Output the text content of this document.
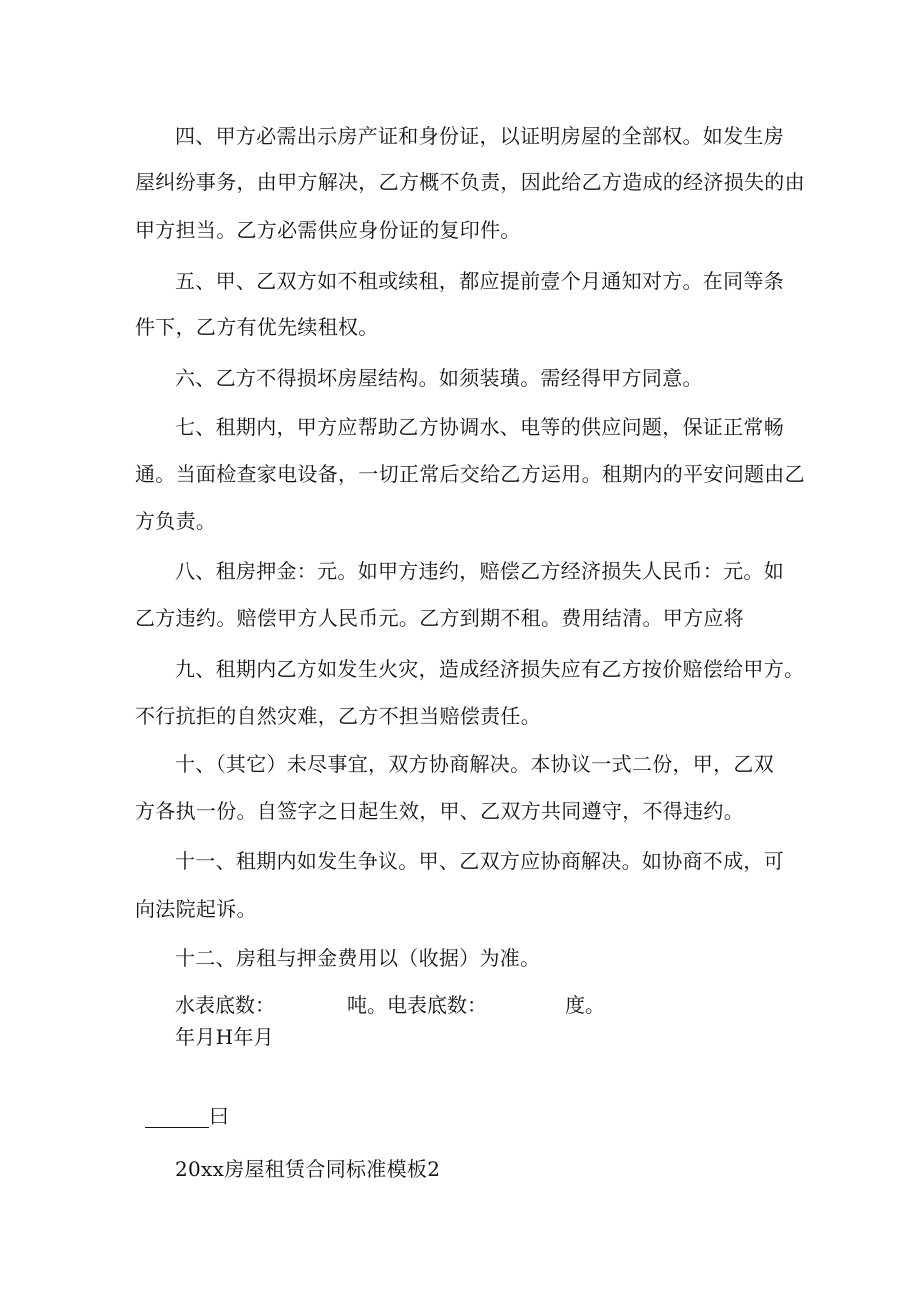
四、甲方必需出示房产证和身份证，以证明房屋的全部权。如发生房

屋纠纷事务，由甲方解决，乙方概不负责，因此给乙方造成的经济损失的由

甲方担当。乙方必需供应身份证的复印件。

五、甲、乙双方如不租或续租，都应提前壹个月通知对方。在同等条

件下，乙方有优先续租权。

六、乙方不得损坏房屋结构。如须装璜。需经得甲方同意。

七、租期内，甲方应帮助乙方协调水、电等的供应问题，保证正常畅

通。当面检查家电设备，一切正常后交给乙方运用。租期内的平安问题由乙

方负责。

八、租房押金：元。如甲方违约，赔偿乙方经济损失人民币：元。如

乙方违约。赔偿甲方人民币元。乙方到期不租。费用结清。甲方应将

九、租期内乙方如发生火灾，造成经济损失应有乙方按价赔偿给甲方。

不行抗拒的自然灾难，乙方不担当赔偿责任。

十、（其它）未尽事宜，双方协商解决。本协议一式二份，甲，乙双

方各执一份。自签字之日起生效，甲、乙双方共同遵守，不得违约。

十一、租期内如发生争议。甲、乙双方应协商解决。如协商不成，可

向法院起诉。

十二、房租与押金费用以（收据）为准。

水表底数：	吨。电表底数：	度。

年月H年月

曰

20xx房屋租赁合同标准模板2
